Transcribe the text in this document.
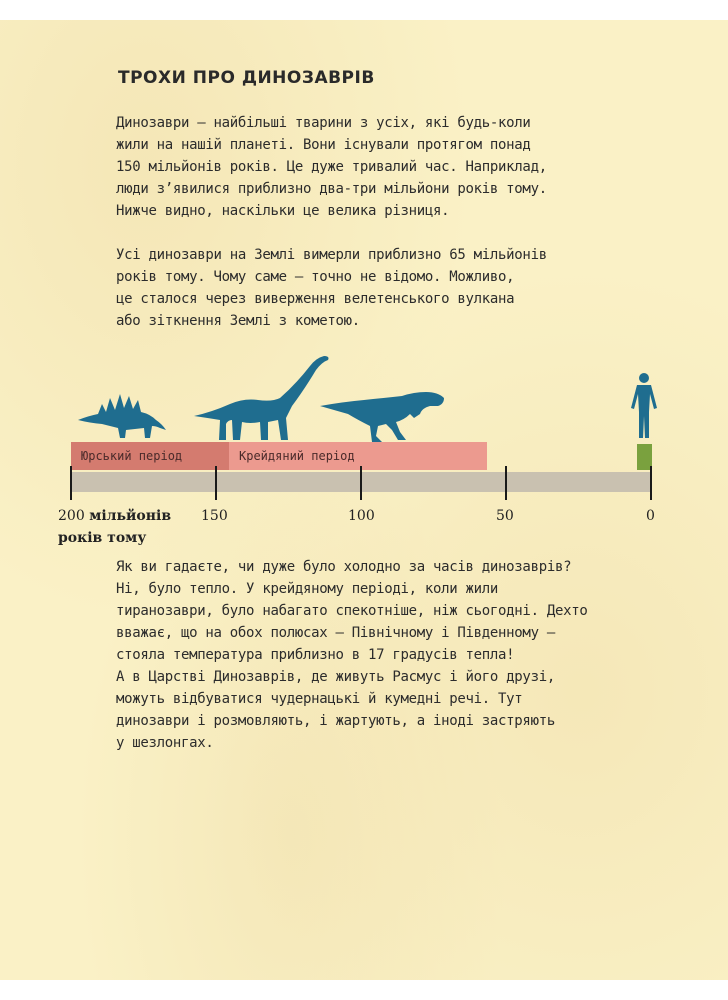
ТРОХИ ПРО ДИНОЗАВРІВ

Динозаври — найбільші тварини з усіх, які будь-коли

жили на нашій планеті. Вони існували протягом понад

150 мільйонів років. Це дуже тривалий час. Наприклад,

люди з’явилися приблизно два-три мільйони років тому.

Нижче видно, наскільки це велика різниця.

Усі динозаври на Землі вимерли приблизно 65 мільйонів

років тому. Чому саме — точно не відомо. Можливо,

це сталося через виверження велетенського вулкана

або зіткнення Землі з кометою.

Юрський період	Крейдяний період
200 мільйонів
років тому
150	100	50	0

Як ви гадаєте, чи дуже було холодно за часів динозаврів?

Ні, було тепло. У крейдяному періоді, коли жили

тиранозаври, було набагато спекотніше, ніж сьогодні. Дехто

вважає, що на обох полюсах — Північному і Південному —

стояла температура приблизно в 17 градусів тепла!

А в Царстві Динозаврів, де живуть Расмус і його друзі,

можуть відбуватися чудернацькі й кумедні речі. Тут

динозаври і розмовляють, і жартують, а іноді застряють

у шезлонгах.
